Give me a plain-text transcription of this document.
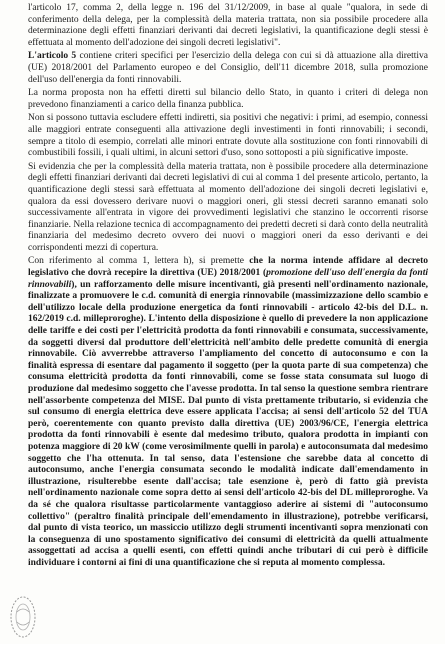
l'articolo 17, comma 2, della legge n. 196 del 31/12/2009, in base al quale "qualora, in sede di conferimento della delega, per la complessità della materia trattata, non sia possibile procedere alla determinazione degli effetti finanziari derivanti dai decreti legislativi, la quantificazione degli stessi è effettuata al momento dell'adozione dei singoli decreti legislativi".

L'articolo 5 contiene criteri specifici per l'esercizio della delega con cui si dà attuazione alla direttiva (UE) 2018/2001 del Parlamento europeo e del Consiglio, dell'11 dicembre 2018, sulla promozione dell'uso dell'energia da fonti rinnovabili.

La norma proposta non ha effetti diretti sul bilancio dello Stato, in quanto i criteri di delega non prevedono finanziamenti a carico della finanza pubblica.

Non si possono tuttavia escludere effetti indiretti, sia positivi che negativi: i primi, ad esempio, connessi alle maggiori entrate conseguenti alla attivazione degli investimenti in fonti rinnovabili; i secondi, sempre a titolo di esempio, correlati alle minori entrate dovute alla sostituzione con fonti rinnovabili di combustibili fossili, i quali ultimi, in alcuni settori d'uso, sono sottoposti a più significative imposte.

Si evidenzia che per la complessità della materia trattata, non è possibile procedere alla determinazione degli effetti finanziari derivanti dai decreti legislativi di cui al comma 1 del presente articolo, pertanto, la quantificazione degli stessi sarà effettuata al momento dell'adozione dei singoli decreti legislativi e, qualora da essi dovessero derivare nuovi o maggiori oneri, gli stessi decreti saranno emanati solo successivamente all'entrata in vigore dei provvedimenti legislativi che stanzino le occorrenti risorse finanziarie. Nella relazione tecnica di accompagnamento dei predetti decreti si darà conto della neutralità finanziaria del medesimo decreto ovvero dei nuovi o maggiori oneri da esso derivanti e dei corrispondenti mezzi di copertura.

Con riferimento al comma 1, lettera h), si premette che la norma intende affidare al decreto legislativo che dovrà recepire la direttiva (UE) 2018/2001 (promozione dell'uso dell'energia da fonti rinnovabili), un rafforzamento delle misure incentivanti, già presenti nell'ordinamento nazionale, finalizzate a promuovere le c.d. comunità di energia rinnovabile (massimizzazione dello scambio e dell'utilizzo locale della produzione energetica da fonti rinnovabili - articolo 42-bis del D.L. n. 162/2019 c.d. milleproroghe). L'intento della disposizione è quello di prevedere la non applicazione delle tariffe e dei costi per l'elettricità prodotta da fonti rinnovabili e consumata, successivamente, da soggetti diversi dal produttore dell'elettricità nell'ambito delle predette comunità di energia rinnovabile. Ciò avverrebbe attraverso l'ampliamento del concetto di autoconsumo e con la finalità espressa di esentare dal pagamento il soggetto (per la quota parte di sua competenza) che consuma elettricità prodotta da fonti rinnovabili, come se fosse stata consumata sul luogo di produzione dal medesimo soggetto che l'avesse prodotta. In tal senso la questione sembra rientrare nell'assorbente competenza del MISE. Dal punto di vista prettamente tributario, si evidenzia che sul consumo di energia elettrica deve essere applicata l'accisa; ai sensi dell'articolo 52 del TUA però, coerentemente con quanto previsto dalla direttiva (UE) 2003/96/CE, l'energia elettrica prodotta da fonti rinnovabili è esente dal medesimo tributo, qualora prodotta in impianti con potenza maggiore di 20 kW (come verosimilmente quelli in parola) e autoconsumata dal medesimo soggetto che l'ha ottenuta. In tal senso, data l'estensione che sarebbe data al concetto di autoconsumo, anche l'energia consumata secondo le modalità indicate dall'emendamento in illustrazione, risulterebbe esente dall'accisa; tale esenzione è, però di fatto già prevista nell'ordinamento nazionale come sopra detto ai sensi dell'articolo 42-bis del DL milleproroghe. Va da sé che qualora risultasse particolarmente vantaggioso aderire ai sistemi di "autoconsumo collettivo" (peraltro finalità principale dell'emendamento in illustrazione), potrebbe verificarsi, dal punto di vista teorico, un massiccio utilizzo degli strumenti incentivanti sopra menzionati con la conseguenza di uno spostamento significativo dei consumi di elettricità da quelli attualmente assoggettati ad accisa a quelli esenti, con effetti quindi anche tributari di cui però è difficile individuare i contorni ai fini di una quantificazione che si reputa al momento complessa.
